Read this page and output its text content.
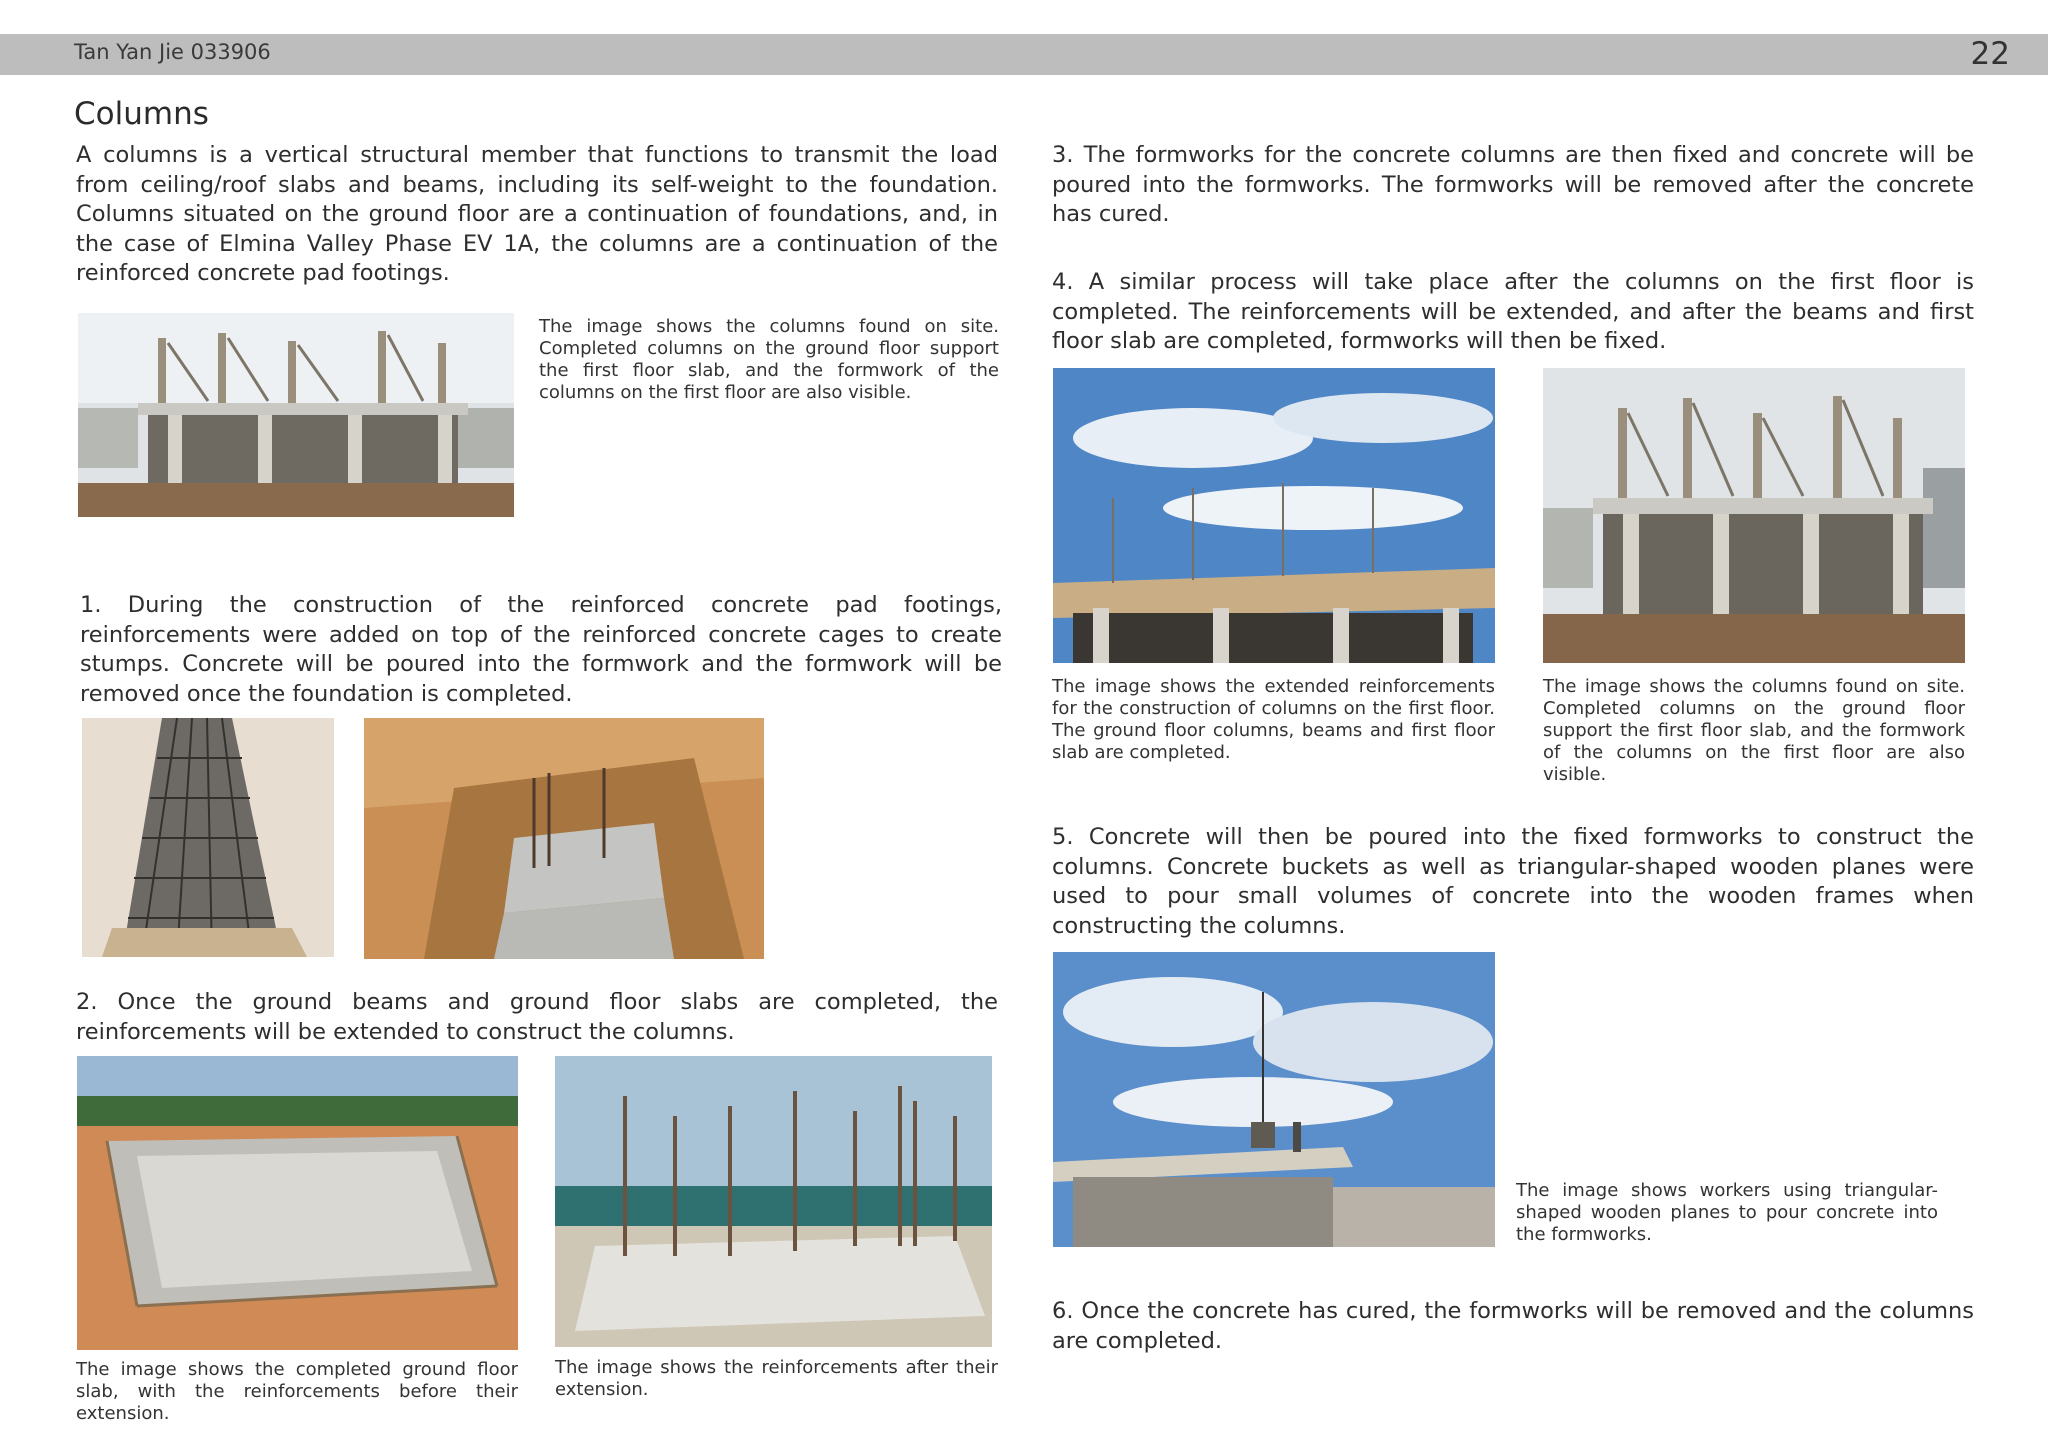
Tan Yan Jie 033906	22
Columns

A columns is a vertical structural member that functions to transmit the load from ceiling/roof slabs and beams, including its self-weight to the foundation. Columns situated on the ground floor are a continuation of foundations, and, in the case of Elmina Valley Phase EV 1A, the columns are a continuation of the reinforced concrete pad footings.

The image shows the columns found on site. Completed columns on the ground floor support the first floor slab, and the formwork of the columns on the first floor are also visible.

1. During the construction of the reinforced concrete pad footings, reinforcements were added on top of the reinforced concrete cages to create stumps. Concrete will be poured into the formwork and the formwork will be removed once the foundation is completed.

2. Once the ground beams and ground floor slabs are completed, the reinforcements will be extended to construct the columns.

The image shows the completed ground floor slab, with the reinforcements before their extension.

The image shows the reinforcements after their extension.

3. The formworks for the concrete columns are then fixed and concrete will be poured into the formworks. The formworks will be removed after the concrete has cured.

4. A similar process will take place after the columns on the first floor is completed. The reinforcements will be extended, and after the beams and first floor slab are completed, formworks will then be fixed.

The image shows the extended reinforcements for the construction of columns on the first floor. The ground floor columns, beams and first floor slab are completed.

The image shows the columns found on site. Completed columns on the ground floor support the first floor slab, and the formwork of the columns on the first floor are also visible.

5. Concrete will then be poured into the fixed formworks to construct the columns. Concrete buckets as well as triangular-shaped wooden planes were used to pour small volumes of concrete into the wooden frames when constructing the columns.

The image shows workers using triangular-shaped wooden planes to pour concrete into the formworks.

6. Once the concrete has cured, the formworks will be removed and the columns are completed.
